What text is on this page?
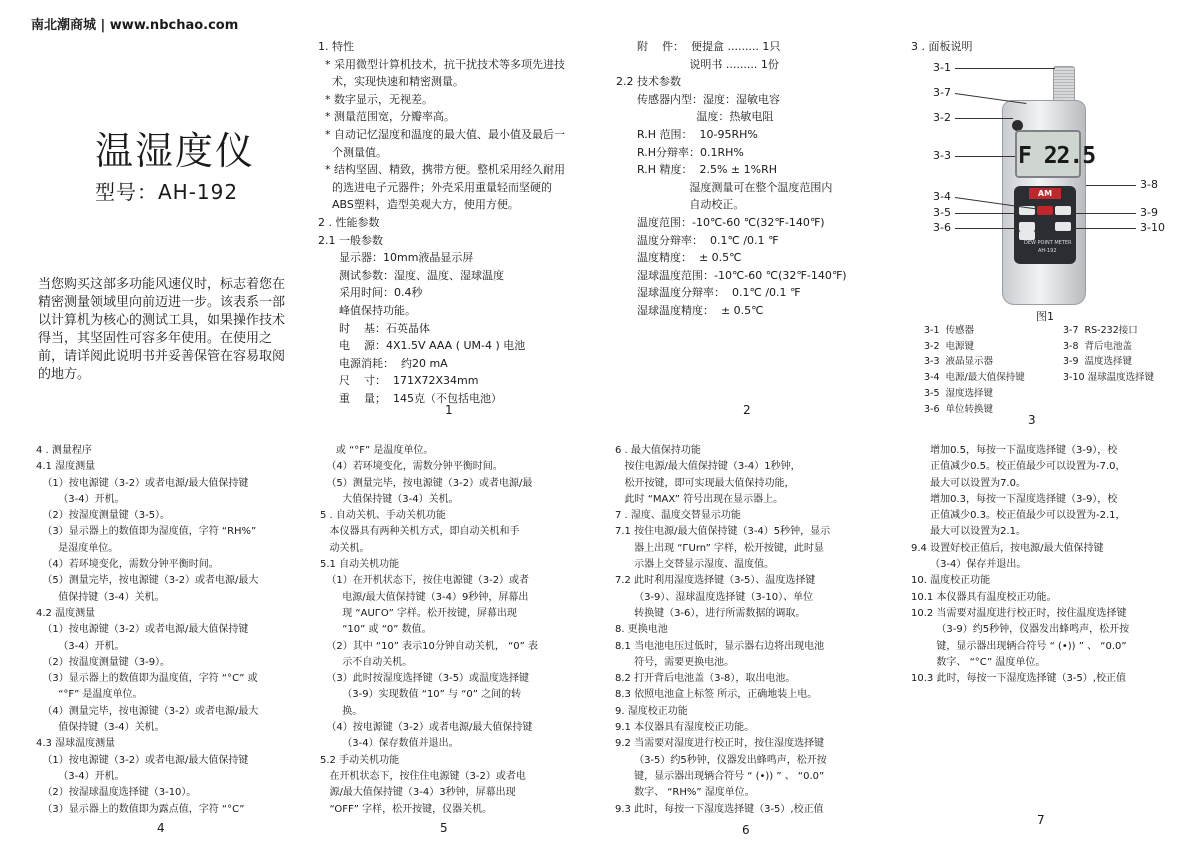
南北潮商城 | www.nbchao.com
温湿度仪
型号：AH-192
当您购买这部多功能风速仪时，标志着您在精密测量领域里向前迈进一步。该表系一部以计算机为核心的测试工具，如果操作技术得当，其坚固性可容多年使用。在使用之前，请详阅此说明书并妥善保管在容易取阅的地方。
1. 特性
* 采用微型计算机技术，抗干扰技术等多项先进技
术，实现快速和精密测量。
* 数字显示，无视差。
* 测量范围宽，分瓣率高。
* 自动记忆湿度和温度的最大值、最小值及最后一
个测量值。
* 结构坚固、精致，携带方便。整机采用经久耐用
的选进电子元器件；外壳采用重量轻而坚硬的
ABS塑料，造型美观大方，使用方便。
2 . 性能参数
2.1 一般参数
显示器：10mm液晶显示屏
测试参数：湿度、温度、湿球温度
采用时间：0.4秒
峰值保持功能。
时    基：石英晶体
电    源：4X1.5V AAA ( UM-4 ) 电池
电源消耗：  约20 mA
尺    寸：  171X72X34mm
重    量；  145克（不包括电池）
1
附    件：  便提盒 ......... 1只
说明书 ......... 1份
2.2 技术参数
传感器内型：湿度：湿敏电容
温度：热敏电阻
R.H 范围：  10-95RH%
R.H分辩率：0.1RH%
R.H 精度：  2.5% ± 1%RH
湿度测量可在整个温度范围内
自动校正。
温度范围：-10℃-60 ℃(32℉-140℉)
温度分辩率：  0.1℃ /0.1 ℉
温度精度：  ± 0.5℃
湿球温度范围：-10℃-60 ℃(32℉-140℉)
湿球温度分辩率：  0.1℃ /0.1 ℉
湿球温度精度：  ± 0.5℃
2
3 . 面板说明
F 22.5
AM
DEW POINT METER
AH-192
3-1
3-7
3-2
3-3
3-4
3-5
3-6
3-8
3-9
3-10
图1
3-1  传感器
3-2  电源键
3-3  液晶显示器
3-4  电源/最大值保持键
3-5  湿度选择键
3-6  单位转换键
3-7  RS-232接口
3-8  背后电池盖
3-9  温度选择键
3-10 湿球温度选择键
3
4 . 测量程序
4.1 湿度测量
（1）按电源键（3-2）或者电源/最大值保持键
（3-4）开机。
（2）按湿度测量键（3-5）。
（3）显示器上的数值即为湿度值，字符 “RH%”
是湿度单位。
（4）若环境变化，需数分钟平衡时间。
（5）测量完毕，按电源键（3-2）或者电源/最大
值保持键（3-4）关机。
4.2 温度测量
（1）按电源键（3-2）或者电源/最大值保持键
（3-4）开机。
（2）按温度测量键（3-9）。
（3）显示器上的数值即为温度值，字符 “°C” 或
“°F” 是温度单位。
（4）测量完毕，按电源键（3-2）或者电源/最大
值保持键（3-4）关机。
4.3 湿球温度测量
（1）按电源键（3-2）或者电源/最大值保持键
（3-4）开机。
（2）按湿球温度选择键（3-10）。
（3）显示器上的数值即为露点值，字符 “°C”
4
或 “°F” 是温度单位。
（4）若环境变化，需数分钟平衡时间。
（5）测量完毕，按电源键（3-2）或者电源/最
大值保持键（3-4）关机。
5 . 自动关机、手动关机功能
本仪器具有两种关机方式，即自动关机和手
动关机。
5.1 自动关机功能
（1）在开机状态下，按住电源键（3-2）或者
电源/最大值保持键（3-4）9秒钟，屏幕出
现 “AUГO” 字样。松开按键，屏幕出现
“10” 或 “0” 数值。
（2）其中 “10” 表示10分钟自动关机， “0” 表
示不自动关机。
（3）此时按湿度选择键（3-5）或温度选择键
（3-9）实现数值 “10” 与 “0” 之间的转
换。
（4）按电源键（3-2）或者电源/最大值保持键
（3-4）保存数值并退出。
5.2 手动关机功能
在开机状态下，按住住电源键（3-2）或者电
源/最大值保持键（3-4）3秒钟，屏幕出现
“OFF” 字样，松开按键，仪器关机。
5
6 . 最大值保持功能
按住电源/最大值保持键（3-4）1秒钟，
松开按键，即可实现最大值保持功能，
此时 “MAX” 符号出现在显示器上。
7 . 湿度、温度交替显示功能
7.1 按住电源/最大值保持键（3-4）5秒钟，显示
器上出现 “ГUrn” 字样，松开按键，此时显
示器上交替显示湿度、温度值。
7.2 此时利用湿度选择键（3-5）、温度选择键
（3-9）、湿球温度选择键（3-10）、单位
转换键（3-6），进行所需数据的调取。
8. 更换电池
8.1 当电池电压过低时，显示器右边将出现电池
符号，需要更换电池。
8.2 打开背后电池盖（3-8），取出电池。
8.3 依照电池盒上标签 所示，正确地装上电。
9. 湿度校正功能
9.1 本仪器具有湿度校正功能。
9.2 当需要对湿度进行校正时，按住湿度选择键
（3-5）约5秒钟，仪器发出蜂鸣声，松开按
键，显示器出现辆合符号 “ (•)) ” 、 “0.0”
数字、 “RH%” 湿度单位。
9.3 此时，每按一下湿度选择键（3-5）,校正值
6
增加0.5，每按一下温度选择键（3-9），校
正值减少0.5。校正值最少可以设置为-7.0，
最大可以设置为7.0。
增加0.3，每按一下湿度选择键（3-9），校
正值减少0.3。校正值最少可以设置为-2.1，
最大可以设置为2.1。
9.4 设置好校正值后，按电源/最大值保持键
（3-4）保存并退出。
10. 温度校正功能
10.1 本仪器具有温度校正功能。
10.2 当需要对温度进行校正时，按住温度选择键
（3-9）约5秒钟，仪器发出蜂鸣声，松开按
键，显示器出现辆合符号 “ (•)) ” 、 “0.0”
数字、 “°C” 温度单位。
10.3 此时，每按一下湿度选择键（3-5）,校正值
7
